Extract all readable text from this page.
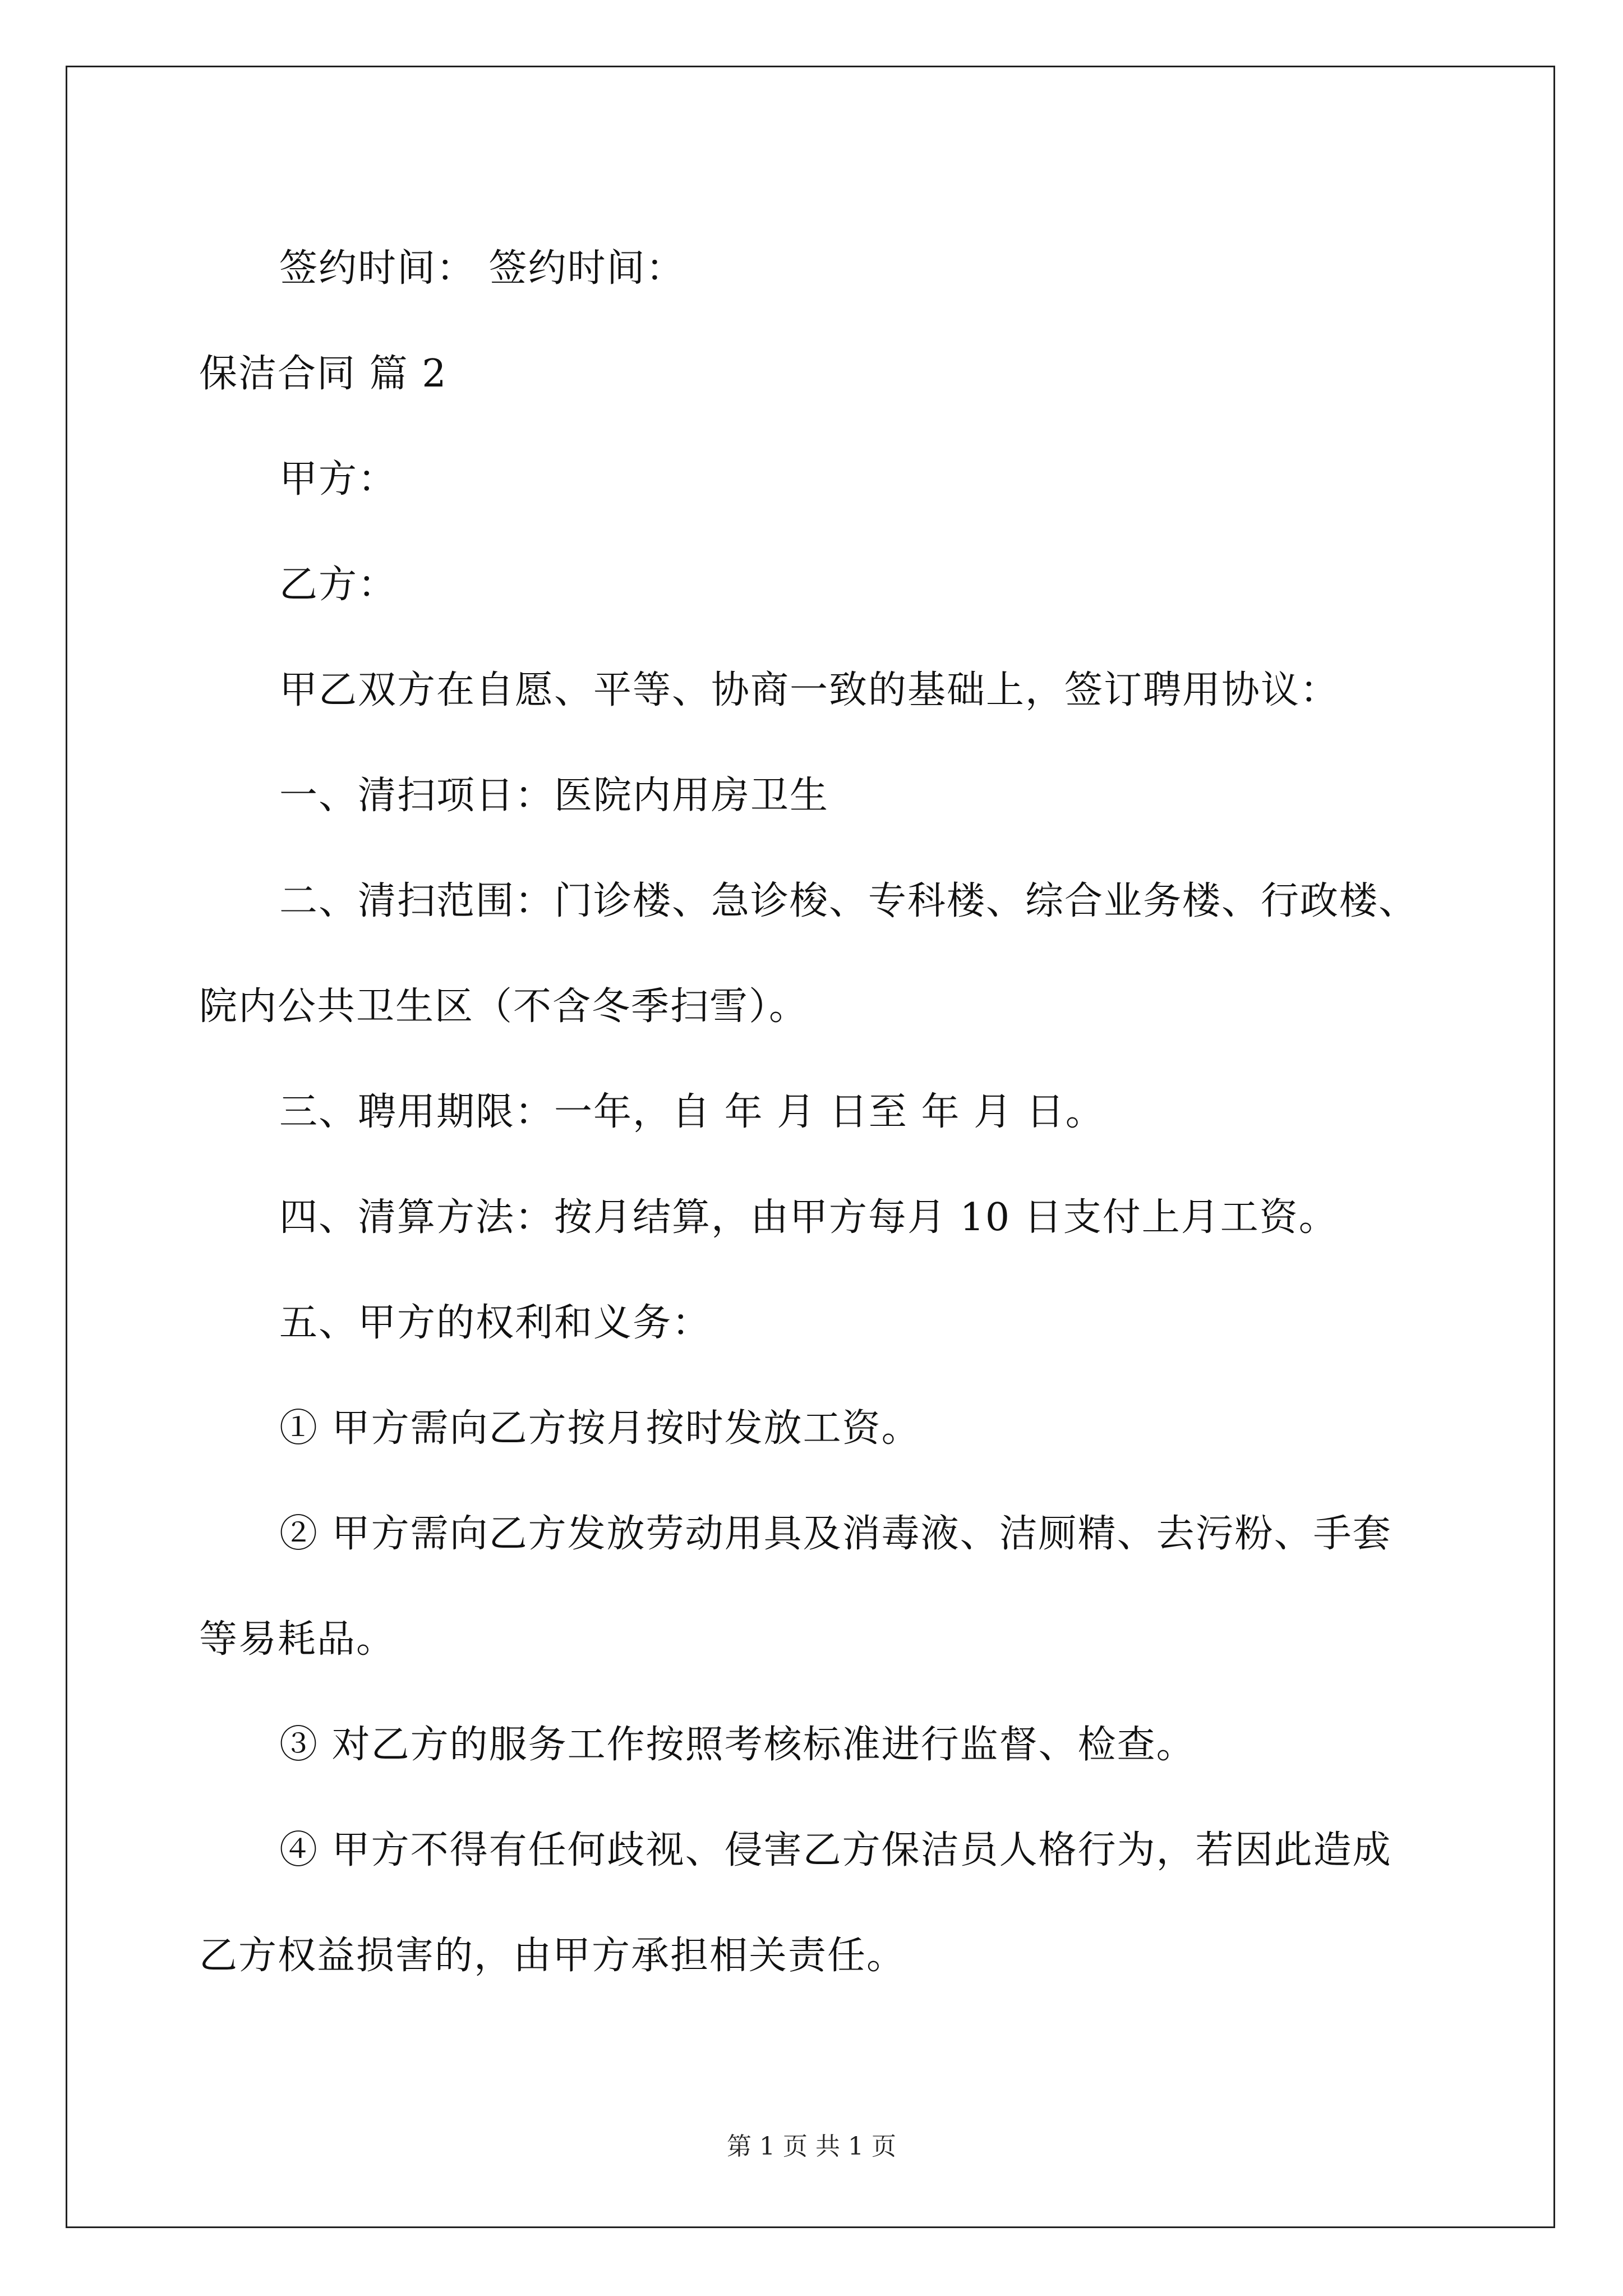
签约时间： 签约时间：

保洁合同 篇 2

甲方：

乙方：

甲乙双方在自愿、平等、协商一致的基础上，签订聘用协议：

一、清扫项日：医院内用房卫生

二、清扫范围：门诊楼、急诊梭、专科楼、综合业务楼、行政楼、

院内公共卫生区（不含冬季扫雪）。

三、聘用期限：一年，自 年 月 日至 年 月 日。

四、清算方法：按月结算，由甲方每月 10 日支付上月工资。

五、甲方的权利和义务：

① 甲方需向乙方按月按时发放工资。

② 甲方需向乙方发放劳动用具及消毒液、洁厕精、去污粉、手套

等易耗品。

③ 对乙方的服务工作按照考核标准进行监督、检查。

④ 甲方不得有任何歧视、侵害乙方保洁员人格行为，若因此造成

乙方权益损害的，由甲方承担相关责任。

第 1 页 共 1 页
